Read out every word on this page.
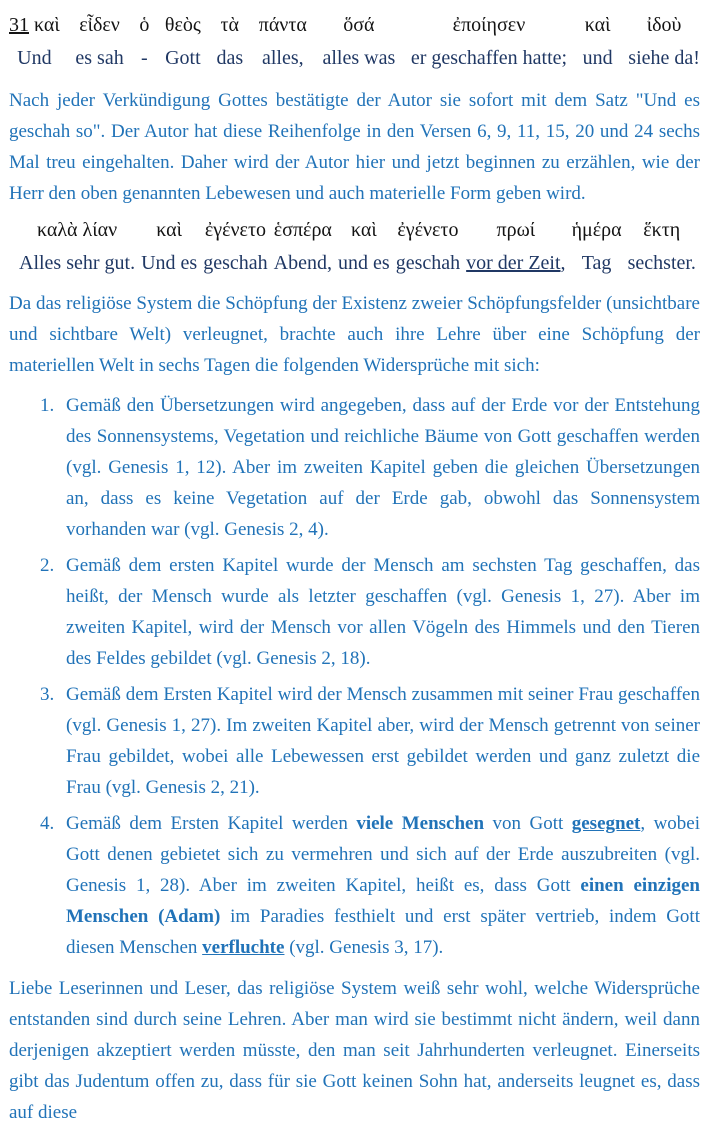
31 καὶ
Und
εἶδεν
es sah
ὁ
-
θεὸς
Gott
τὰ
das
πάντα
alles,
ὅσά
alles was
ἐποίησεν
er geschaffen hatte;
καὶ
und
ἰδοὺ
siehe da!

Nach jeder Verkündigung Gottes bestätigte der Autor sie sofort mit dem Satz "Und es geschah so". Der Autor hat diese Reihenfolge in den Versen 6, 9, 11, 15, 20 und 24 sechs Mal treu eingehalten. Daher wird der Autor hier und jetzt beginnen zu erzählen, wie der Herr den oben genannten Lebewesen und auch materielle Form geben wird.

καλὰ λίαν
Alles sehr gut.
καὶ
Und es
ἐγένετο
geschah
ἑσπέρα
Abend,
καὶ
und es
ἐγένετο
geschah
πρωί
vor der Zeit,
ἡμέρα
Tag
ἕκτη
sechster.

Da das religiöse System die Schöpfung der Existenz zweier Schöpfungsfelder (unsichtbare und sichtbare Welt) verleugnet, brachte auch ihre Lehre über eine Schöpfung der materiellen Welt in sechs Tagen die folgenden Widersprüche mit sich:

1. Gemäß den Übersetzungen wird angegeben, dass auf der Erde vor der Entstehung des Sonnensystems, Vegetation und reichliche Bäume von Gott geschaffen werden (vgl. Genesis 1, 12). Aber im zweiten Kapitel geben die gleichen Übersetzungen an, dass es keine Vegetation auf der Erde gab, obwohl das Sonnensystem vorhanden war (vgl. Genesis 2, 4).
2. Gemäß dem ersten Kapitel wurde der Mensch am sechsten Tag geschaffen, das heißt, der Mensch wurde als letzter geschaffen (vgl. Genesis 1, 27). Aber im zweiten Kapitel, wird der Mensch vor allen Vögeln des Himmels und den Tieren des Feldes gebildet (vgl. Genesis 2, 18).
3. Gemäß dem Ersten Kapitel wird der Mensch zusammen mit seiner Frau geschaffen (vgl. Genesis 1, 27). Im zweiten Kapitel aber, wird der Mensch getrennt von seiner Frau gebildet, wobei alle Lebewessen erst gebildet werden und ganz zuletzt die Frau (vgl. Genesis 2, 21).
4. Gemäß dem Ersten Kapitel werden viele Menschen von Gott gesegnet, wobei Gott denen gebietet sich zu vermehren und sich auf der Erde auszubreiten (vgl. Genesis 1, 28). Aber im zweiten Kapitel, heißt es, dass Gott einen einzigen Menschen (Adam) im Paradies festhielt und erst später vertrieb, indem Gott diesen Menschen verfluchte (vgl. Genesis 3, 17).

Liebe Leserinnen und Leser, das religiöse System weiß sehr wohl, welche Widersprüche entstanden sind durch seine Lehren. Aber man wird sie bestimmt nicht ändern, weil dann derjenigen akzeptiert werden müsste, den man seit Jahrhunderten verleugnet. Einerseits gibt das Judentum offen zu, dass für sie Gott keinen Sohn hat, anderseits leugnet es, dass auf diese
